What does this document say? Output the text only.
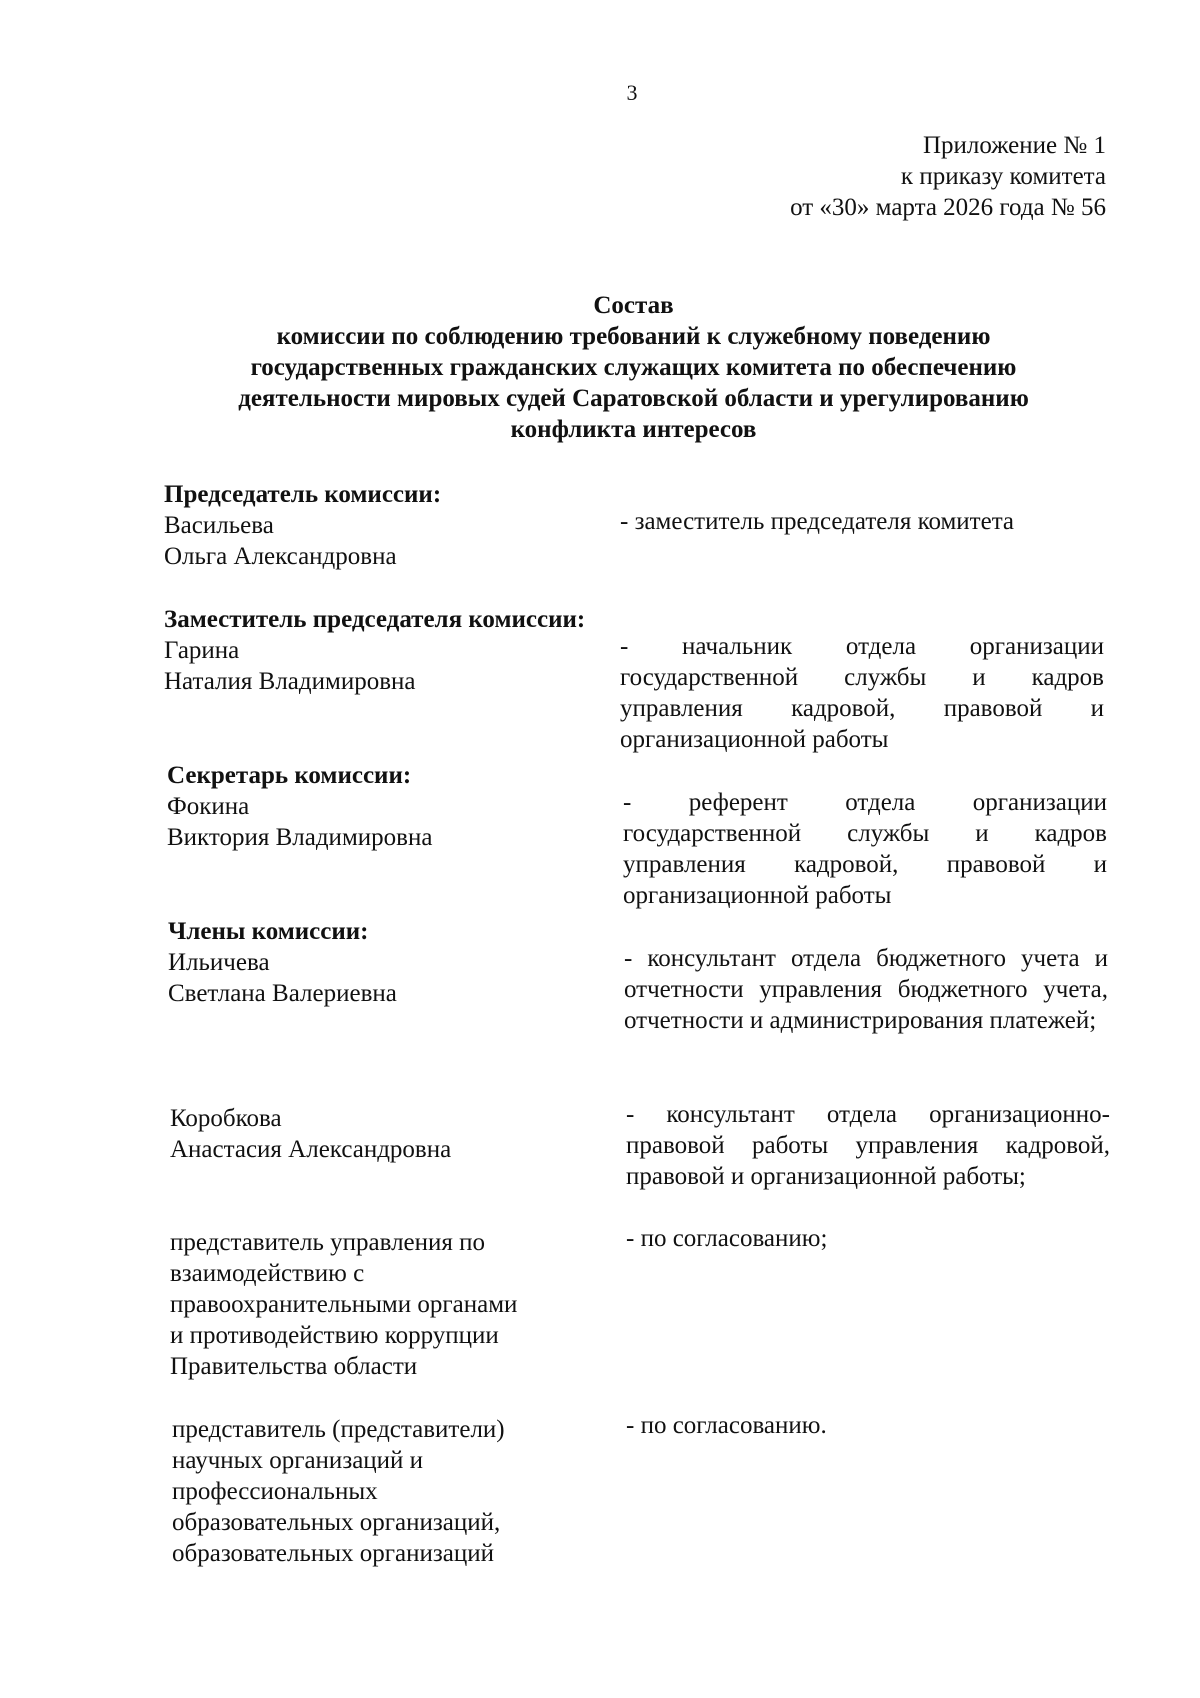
3
Приложение № 1
к приказу комитета
от «30» марта 2026 года № 56
Состав
комиссии по соблюдению требований к служебному поведению
государственных гражданских служащих комитета по обеспечению
деятельности мировых судей Саратовской области и урегулированию
конфликта интересов
Председатель комиссии:
Васильева
Ольга Александровна
- заместитель председателя комитета
Заместитель председателя комиссии:
Гарина
Наталия Владимировна
- начальник отдела организации государственной службы и кадров управления кадровой, правовой и организационной работы
Секретарь комиссии:
Фокина
Виктория Владимировна
- референт отдела организации государственной службы и кадров управления кадровой, правовой и организационной работы
Члены комиссии:
Ильичева
Светлана Валериевна
- консультант отдела бюджетного учета и отчетности управления бюджетного учета, отчетности и администрирования платежей;
Коробкова
Анастасия Александровна
- консультант отдела организационно-правовой работы управления кадровой, правовой и организационной работы;
представитель управления по
взаимодействию с
правоохранительными органами
и противодействию коррупции
Правительства области
- по согласованию;
представитель (представители)
научных организаций и
профессиональных
образовательных организаций,
образовательных организаций
- по согласованию.
